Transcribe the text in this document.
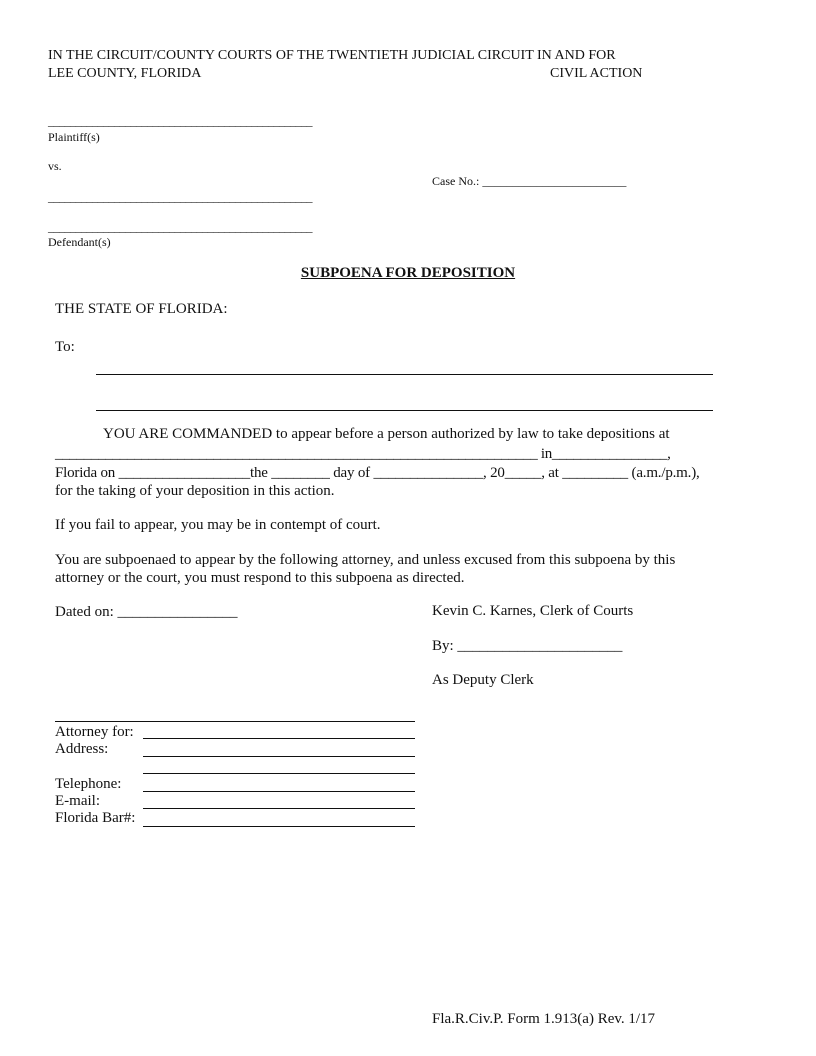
IN THE CIRCUIT/COUNTY COURTS OF THE TWENTIETH JUDICIAL CIRCUIT IN AND FOR
LEE COUNTY, FLORIDA	CIVIL ACTION
________________________________________________
Plaintiff(s)
vs.
Case No.: ________________________
________________________________________________
________________________________________________
Defendant(s)
SUBPOENA FOR DEPOSITION
THE STATE OF FLORIDA:
To:
YOU ARE COMMANDED to appear before a person authorized by law to take depositions at
___________________________________________________________________ in________________,
Florida on __________________the ________ day of _______________, 20_____, at _________ (a.m./p.m.),
for the taking of your deposition in this action.
If you fail to appear, you may be in contempt of court.
You are subpoenaed to appear by the following attorney, and unless excused from this subpoena by this
attorney or the court, you must respond to this subpoena as directed.
Dated on: ________________	Kevin C. Karnes, Clerk of Courts
By: ______________________
As Deputy Clerk
Attorney for:
Address:
Telephone:
E-mail:
Florida Bar#:
Fla.R.Civ.P. Form 1.913(a) Rev. 1/17
